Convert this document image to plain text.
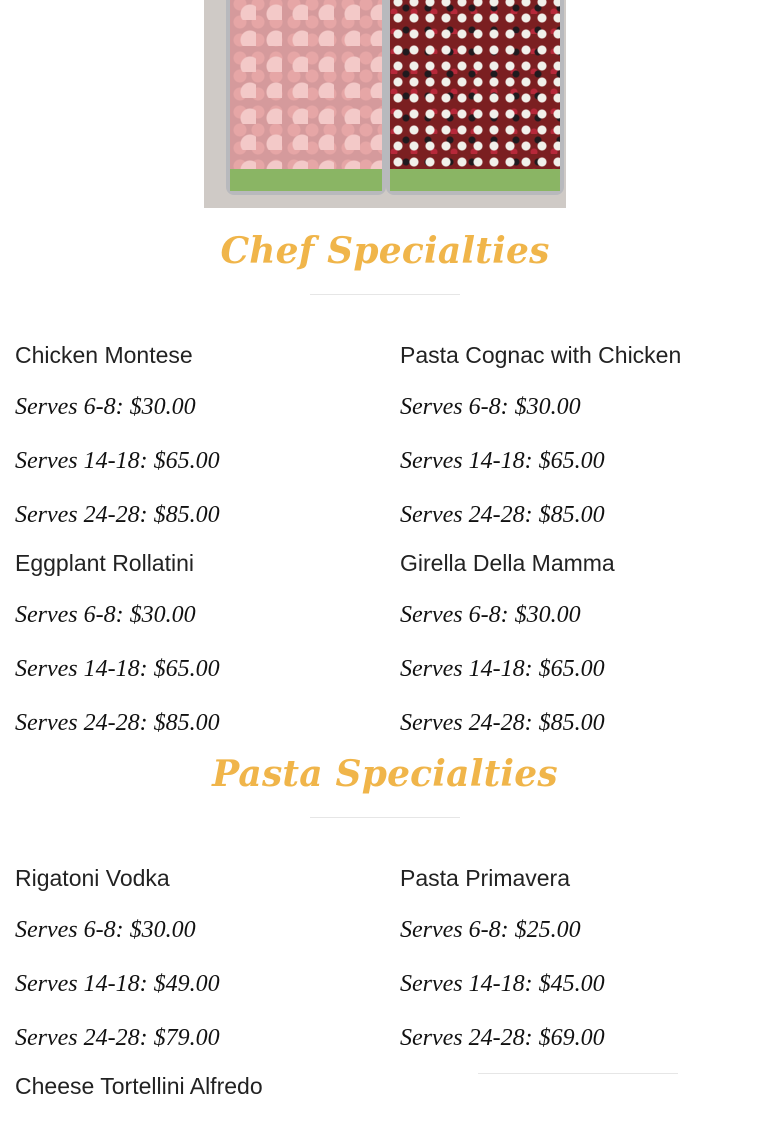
Chef Specialties
Chicken Montese
Serves 6-8: $30.00
Serves 14-18: $65.00
Serves 24-28: $85.00
Pasta Cognac with Chicken
Serves 6-8: $30.00
Serves 14-18: $65.00
Serves 24-28: $85.00
Eggplant Rollatini
Serves 6-8: $30.00
Serves 14-18: $65.00
Serves 24-28: $85.00
Girella Della Mamma
Serves 6-8: $30.00
Serves 14-18: $65.00
Serves 24-28: $85.00
Pasta Specialties
Rigatoni Vodka
Serves 6-8: $30.00
Serves 14-18: $49.00
Serves 24-28: $79.00
Pasta Primavera
Serves 6-8: $25.00
Serves 14-18: $45.00
Serves 24-28: $69.00
Cheese Tortellini Alfredo
